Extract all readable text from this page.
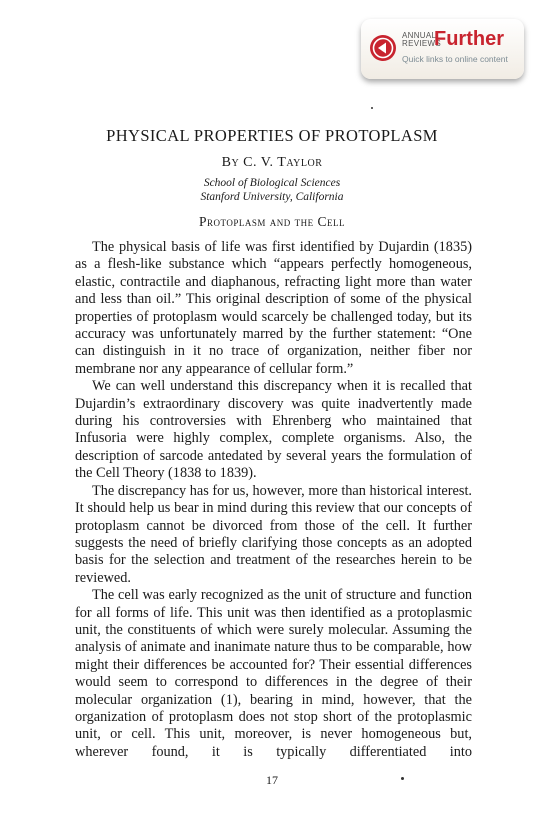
ANNUAL
REVIEWS
Further
Quick links to online content
PHYSICAL PROPERTIES OF PROTOPLASM
By C. V. Taylor
School of Biological Sciences
Stanford University, California
Protoplasm and the Cell

The physical basis of life was first identified by Dujardin (1835) as a flesh-like substance which “appears perfectly homogeneous, elastic, contractile and diaphanous, refracting light more than water and less than oil.” This original description of some of the physical properties of protoplasm would scarcely be challenged today, but its accuracy was unfortunately marred by the further statement: “One can distinguish in it no trace of organization, neither fiber nor membrane nor any appearance of cellular form.”

We can well understand this discrepancy when it is recalled that Dujardin’s extraordinary discovery was quite inadvertently made during his controversies with Ehrenberg who maintained that Infusoria were highly complex, complete organisms. Also, the description of sarcode antedated by several years the formulation of the Cell Theory (1838 to 1839).

The discrepancy has for us, however, more than historical interest. It should help us bear in mind during this review that our concepts of protoplasm cannot be divorced from those of the cell. It further suggests the need of briefly clarifying those concepts as an adopted basis for the selection and treatment of the researches herein to be reviewed.

The cell was early recognized as the unit of structure and function for all forms of life. This unit was then identified as a protoplasmic unit, the constituents of which were surely molecular. Assuming the analysis of animate and inanimate nature thus to be comparable, how might their differences be accounted for? Their essential differences would seem to correspond to differences in the degree of their molecular organization (1), bearing in mind, however, that the organization of protoplasm does not stop short of the protoplasmic unit, or cell. This unit, moreover, is never homogeneous but, wherever found, it is typically differentiated into

17
